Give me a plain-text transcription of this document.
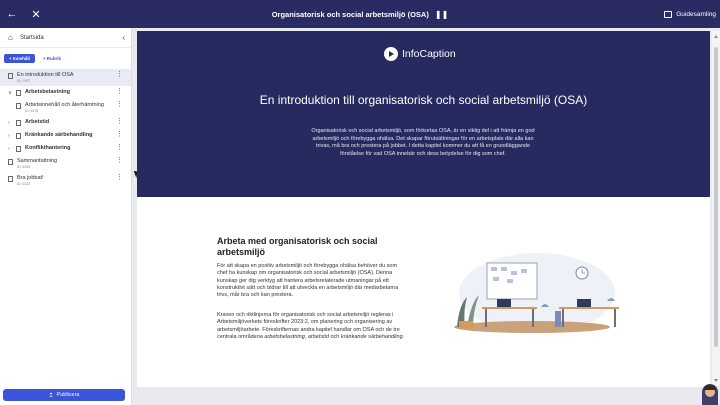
←	✕	Organisatorisk och social arbetsmiljö (OSA) ❚❚	Guidesamling
⌂	Startsida	‹
+ Innehåll	+ Rubrik
En introduktion till OSA
ID: 7407
⋮
∨	Arbetsbelastning	⋮
Arbetsinnehåll och återhämtning
ID: 6378
⋮
›	Arbetstid	⋮
›	Kränkande särbehandling	⋮
›	Konflikthantering	⋮
Sammanfattning
ID: 6156
⋮
Bra jobbat!
ID: 6323
⋮
↥ Publicera
InfoCaption
En introduktion till organisatorisk och social arbetsmiljö (OSA)

Organisatorisk och social arbetsmiljö, som förkortas OSA, är en viktig del i att främja en god arbetsmiljö och förebygga ohälsa. Det skapar förutsättningar för en arbetsplats där alla kan trivas, må bra och prestera på jobbet. I detta kapitel kommer du att få en grundläggande förståelse för vad OSA innebär och dess betydelse för dig som chef.

Arbeta med organisatorisk och social arbetsmiljö
För att skapa en positiv arbetsmiljö och förebygga ohälsa behöver du som chef ha kunskap om organisatorisk och social arbetsmiljö (OSA). Denna kunskap ger dig verktyg att hantera arbetsrelaterade utmaningar på ett konstruktivt sätt och bidrar till att utveckla en arbetsmiljö där medarbetarna trivs, mår bra och kan prestera.
Kraven och riktlinjerna för organisatorisk och social arbetsmiljö regleras i Arbetsmiljöverkets föreskrifter 2023:2, om planering och organisering av arbetsmiljöarbete. Föreskrifternas andra kapitel handlar om OSA och de tre centrala områdena arbetsbelastning, arbetstid och kränkande särbehandling.
